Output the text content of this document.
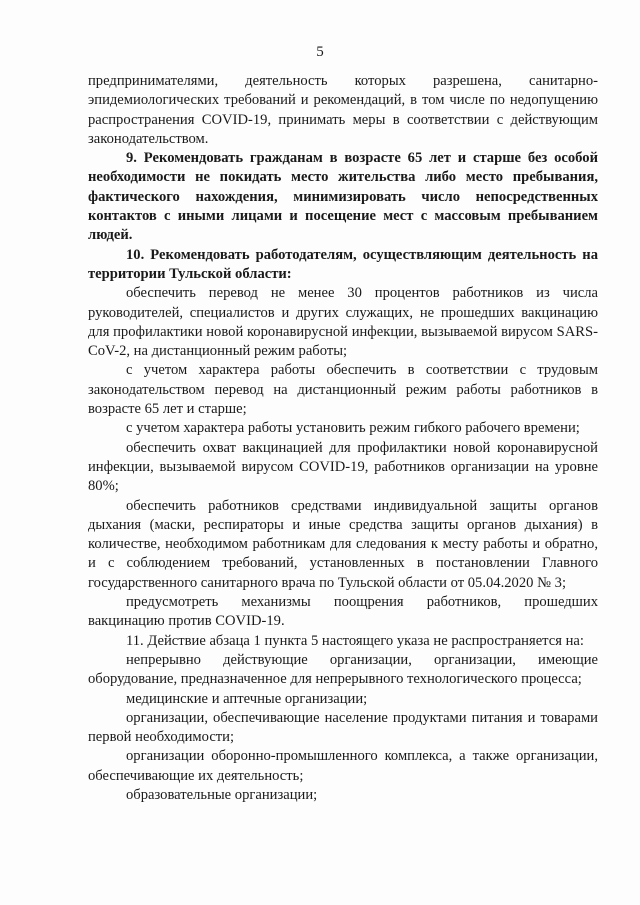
5

предпринимателями, деятельность которых разрешена, санитарно-эпидемиологических требований и рекомендаций, в том числе по недопущению распространения COVID-19, принимать меры в соответствии с действующим законодательством.

9. Рекомендовать гражданам в возрасте 65 лет и старше без особой необходимости не покидать место жительства либо место пребывания, фактического нахождения, минимизировать число непосредственных контактов с иными лицами и посещение мест с массовым пребыванием людей.

10. Рекомендовать работодателям, осуществляющим деятельность на территории Тульской области:

обеспечить перевод не менее 30 процентов работников из числа руководителей, специалистов и других служащих, не прошедших вакцинацию для профилактики новой коронавирусной инфекции, вызываемой вирусом SARS-CoV-2, на дистанционный режим работы;

с учетом характера работы обеспечить в соответствии с трудовым законодательством перевод на дистанционный режим работы работников в возрасте 65 лет и старше;

с учетом характера работы установить режим гибкого рабочего времени;

обеспечить охват вакцинацией для профилактики новой коронавирусной инфекции, вызываемой вирусом COVID-19, работников организации на уровне 80%;

обеспечить работников средствами индивидуальной защиты органов дыхания (маски, респираторы и иные средства защиты органов дыхания) в количестве, необходимом работникам для следования к месту работы и обратно, и с соблюдением требований, установленных в постановлении Главного государственного санитарного врача по Тульской области от 05.04.2020 № 3;

предусмотреть механизмы поощрения работников, прошедших вакцинацию против COVID-19.

11. Действие абзаца 1 пункта 5 настоящего указа не распространяется на:

непрерывно действующие организации, организации, имеющие оборудование, предназначенное для непрерывного технологического процесса;

медицинские и аптечные организации;

организации, обеспечивающие население продуктами питания и товарами первой необходимости;

организации оборонно-промышленного комплекса, а также организации, обеспечивающие их деятельность;

образовательные организации;
